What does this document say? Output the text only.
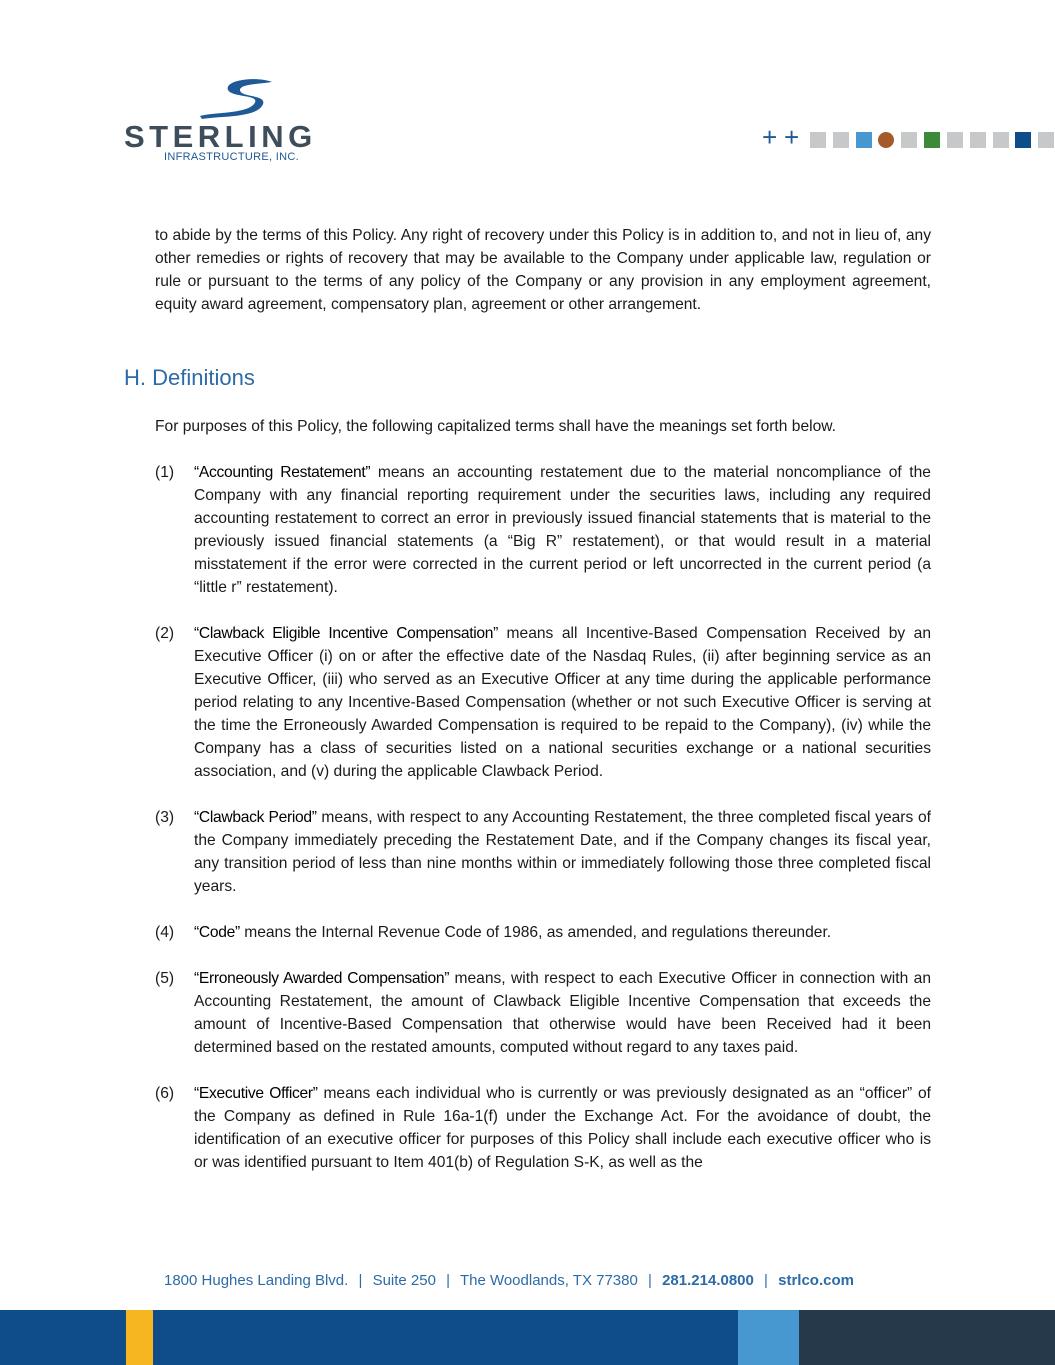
STERLING
INFRASTRUCTURE, INC.
+ +

to abide by the terms of this Policy. Any right of recovery under this Policy is in addition to, and not in lieu of, any other remedies or rights of recovery that may be available to the Company under applicable law, regulation or rule or pursuant to the terms of any policy of the Company or any provision in any employment agreement, equity award agreement, compensatory plan, agreement or other arrangement.

H. Definitions

For purposes of this Policy, the following capitalized terms shall have the meanings set forth below.

(1)	“Accounting Restatement” means an accounting restatement due to the material noncompliance of the Company with any financial reporting requirement under the securities laws, including any required accounting restatement to correct an error in previously issued financial statements that is material to the previously issued financial statements (a “Big R” restatement), or that would result in a material misstatement if the error were corrected in the current period or left uncorrected in the current period (a “little r” restatement).
(2)	“Clawback Eligible Incentive Compensation” means all Incentive-Based Compensation Received by an Executive Officer (i) on or after the effective date of the Nasdaq Rules, (ii) after beginning service as an Executive Officer, (iii) who served as an Executive Officer at any time during the applicable performance period relating to any Incentive-Based Compensation (whether or not such Executive Officer is serving at the time the Erroneously Awarded Compensation is required to be repaid to the Company), (iv) while the Company has a class of securities listed on a national securities exchange or a national securities association, and (v) during the applicable Clawback Period.
(3)	“Clawback Period” means, with respect to any Accounting Restatement, the three completed fiscal years of the Company immediately preceding the Restatement Date, and if the Company changes its fiscal year, any transition period of less than nine months within or immediately following those three completed fiscal years.
(4)	“Code” means the Internal Revenue Code of 1986, as amended, and regulations thereunder.
(5)	“Erroneously Awarded Compensation” means, with respect to each Executive Officer in connection with an Accounting Restatement, the amount of Clawback Eligible Incentive Compensation that exceeds the amount of Incentive-Based Compensation that otherwise would have been Received had it been determined based on the restated amounts, computed without regard to any taxes paid.
(6)	“Executive Officer” means each individual who is currently or was previously designated as an “officer” of the Company as defined in Rule 16a-1(f) under the Exchange Act. For the avoidance of doubt, the identification of an executive officer for purposes of this Policy shall include each executive officer who is or was identified pursuant to Item 401(b) of Regulation S-K, as well as the
1800 Hughes Landing Blvd. | Suite 250 | The Woodlands, TX 77380 | 281.214.0800 | strlco.com
